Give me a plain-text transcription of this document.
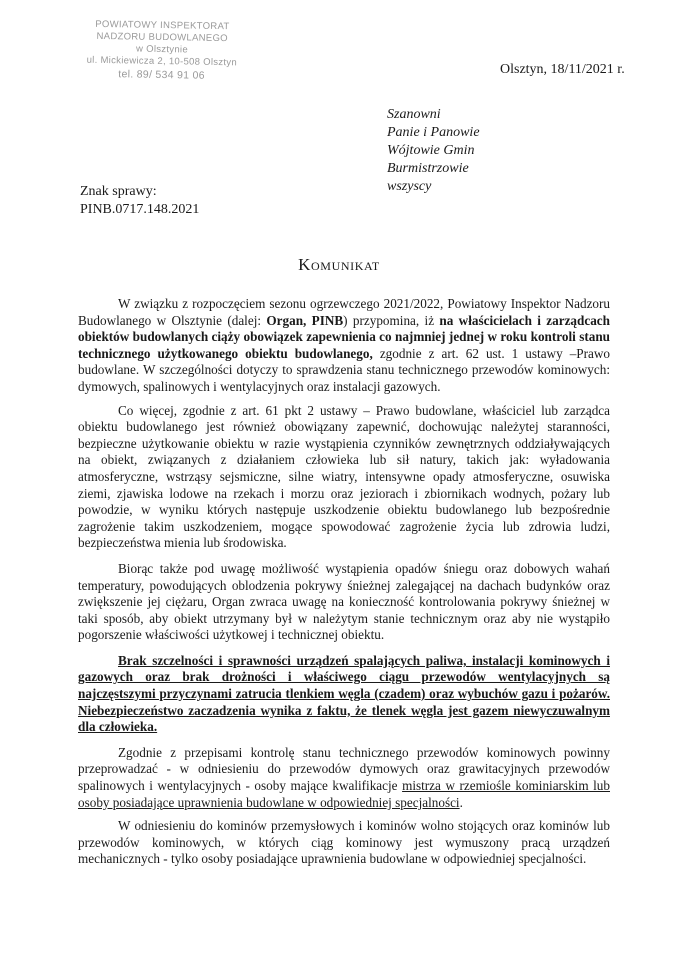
POWIATOWY INSPEKTORAT
NADZORU BUDOWLANEGO
w Olsztynie
ul. Mickiewicza 2, 10-508 Olsztyn
tel. 89/ 534 91 06	Olsztyn, 18/11/2021 r.
Szanowni
Panie i Panowie
Wójtowie Gmin
Burmistrzowie
wszyscy
Znak sprawy:
PINB.0717.148.2021
Komunikat

W związku z rozpoczęciem sezonu ogrzewczego 2021/2022, Powiatowy Inspektor Nadzoru Budowlanego w Olsztynie (dalej: Organ, PINB) przypomina, iż na właścicielach i zarządcach obiektów budowlanych ciąży obowiązek zapewnienia co najmniej jednej w roku kontroli stanu technicznego użytkowanego obiektu budowlanego, zgodnie z art. 62 ust. 1 ustawy –Prawo budowlane. W szczególności dotyczy to sprawdzenia stanu technicznego przewodów kominowych: dymowych, spalinowych i wentylacyjnych oraz instalacji gazowych.

Co więcej, zgodnie z art. 61 pkt 2 ustawy – Prawo budowlane, właściciel lub zarządca obiektu budowlanego jest również obowiązany zapewnić, dochowując należytej staranności, bezpieczne użytkowanie obiektu w razie wystąpienia czynników zewnętrznych oddziaływających na obiekt, związanych z działaniem człowieka lub sił natury, takich jak: wyładowania atmosferyczne, wstrząsy sejsmiczne, silne wiatry, intensywne opady atmosferyczne, osuwiska ziemi, zjawiska lodowe na rzekach i morzu oraz jeziorach i zbiornikach wodnych, pożary lub powodzie, w wyniku których następuje uszkodzenie obiektu budowlanego lub bezpośrednie zagrożenie takim uszkodzeniem, mogące spowodować zagrożenie życia lub zdrowia ludzi, bezpieczeństwa mienia lub środowiska.

Biorąc także pod uwagę możliwość wystąpienia opadów śniegu oraz dobowych wahań temperatury, powodujących oblodzenia pokrywy śnieżnej zalegającej na dachach budynków oraz zwiększenie jej ciężaru, Organ zwraca uwagę na konieczność kontrolowania pokrywy śnieżnej w taki sposób, aby obiekt utrzymany był w należytym stanie technicznym oraz aby nie wystąpiło pogorszenie właściwości użytkowej i technicznej obiektu.

Brak szczelności i sprawności urządzeń spalających paliwa, instalacji kominowych i gazowych oraz brak drożności i właściwego ciągu przewodów wentylacyjnych są najczęstszymi przyczynami zatrucia tlenkiem węgla (czadem) oraz wybuchów gazu i pożarów. Niebezpieczeństwo zaczadzenia wynika z faktu, że tlenek węgla jest gazem niewyczuwalnym dla człowieka.

Zgodnie z przepisami kontrolę stanu technicznego przewodów kominowych powinny przeprowadzać - w odniesieniu do przewodów dymowych oraz grawitacyjnych przewodów spalinowych i wentylacyjnych - osoby mające kwalifikacje mistrza w rzemiośle kominiarskim lub osoby posiadające uprawnienia budowlane w odpowiedniej specjalności.

W odniesieniu do kominów przemysłowych i kominów wolno stojących oraz kominów lub przewodów kominowych, w których ciąg kominowy jest wymuszony pracą urządzeń mechanicznych - tylko osoby posiadające uprawnienia budowlane w odpowiedniej specjalności.
